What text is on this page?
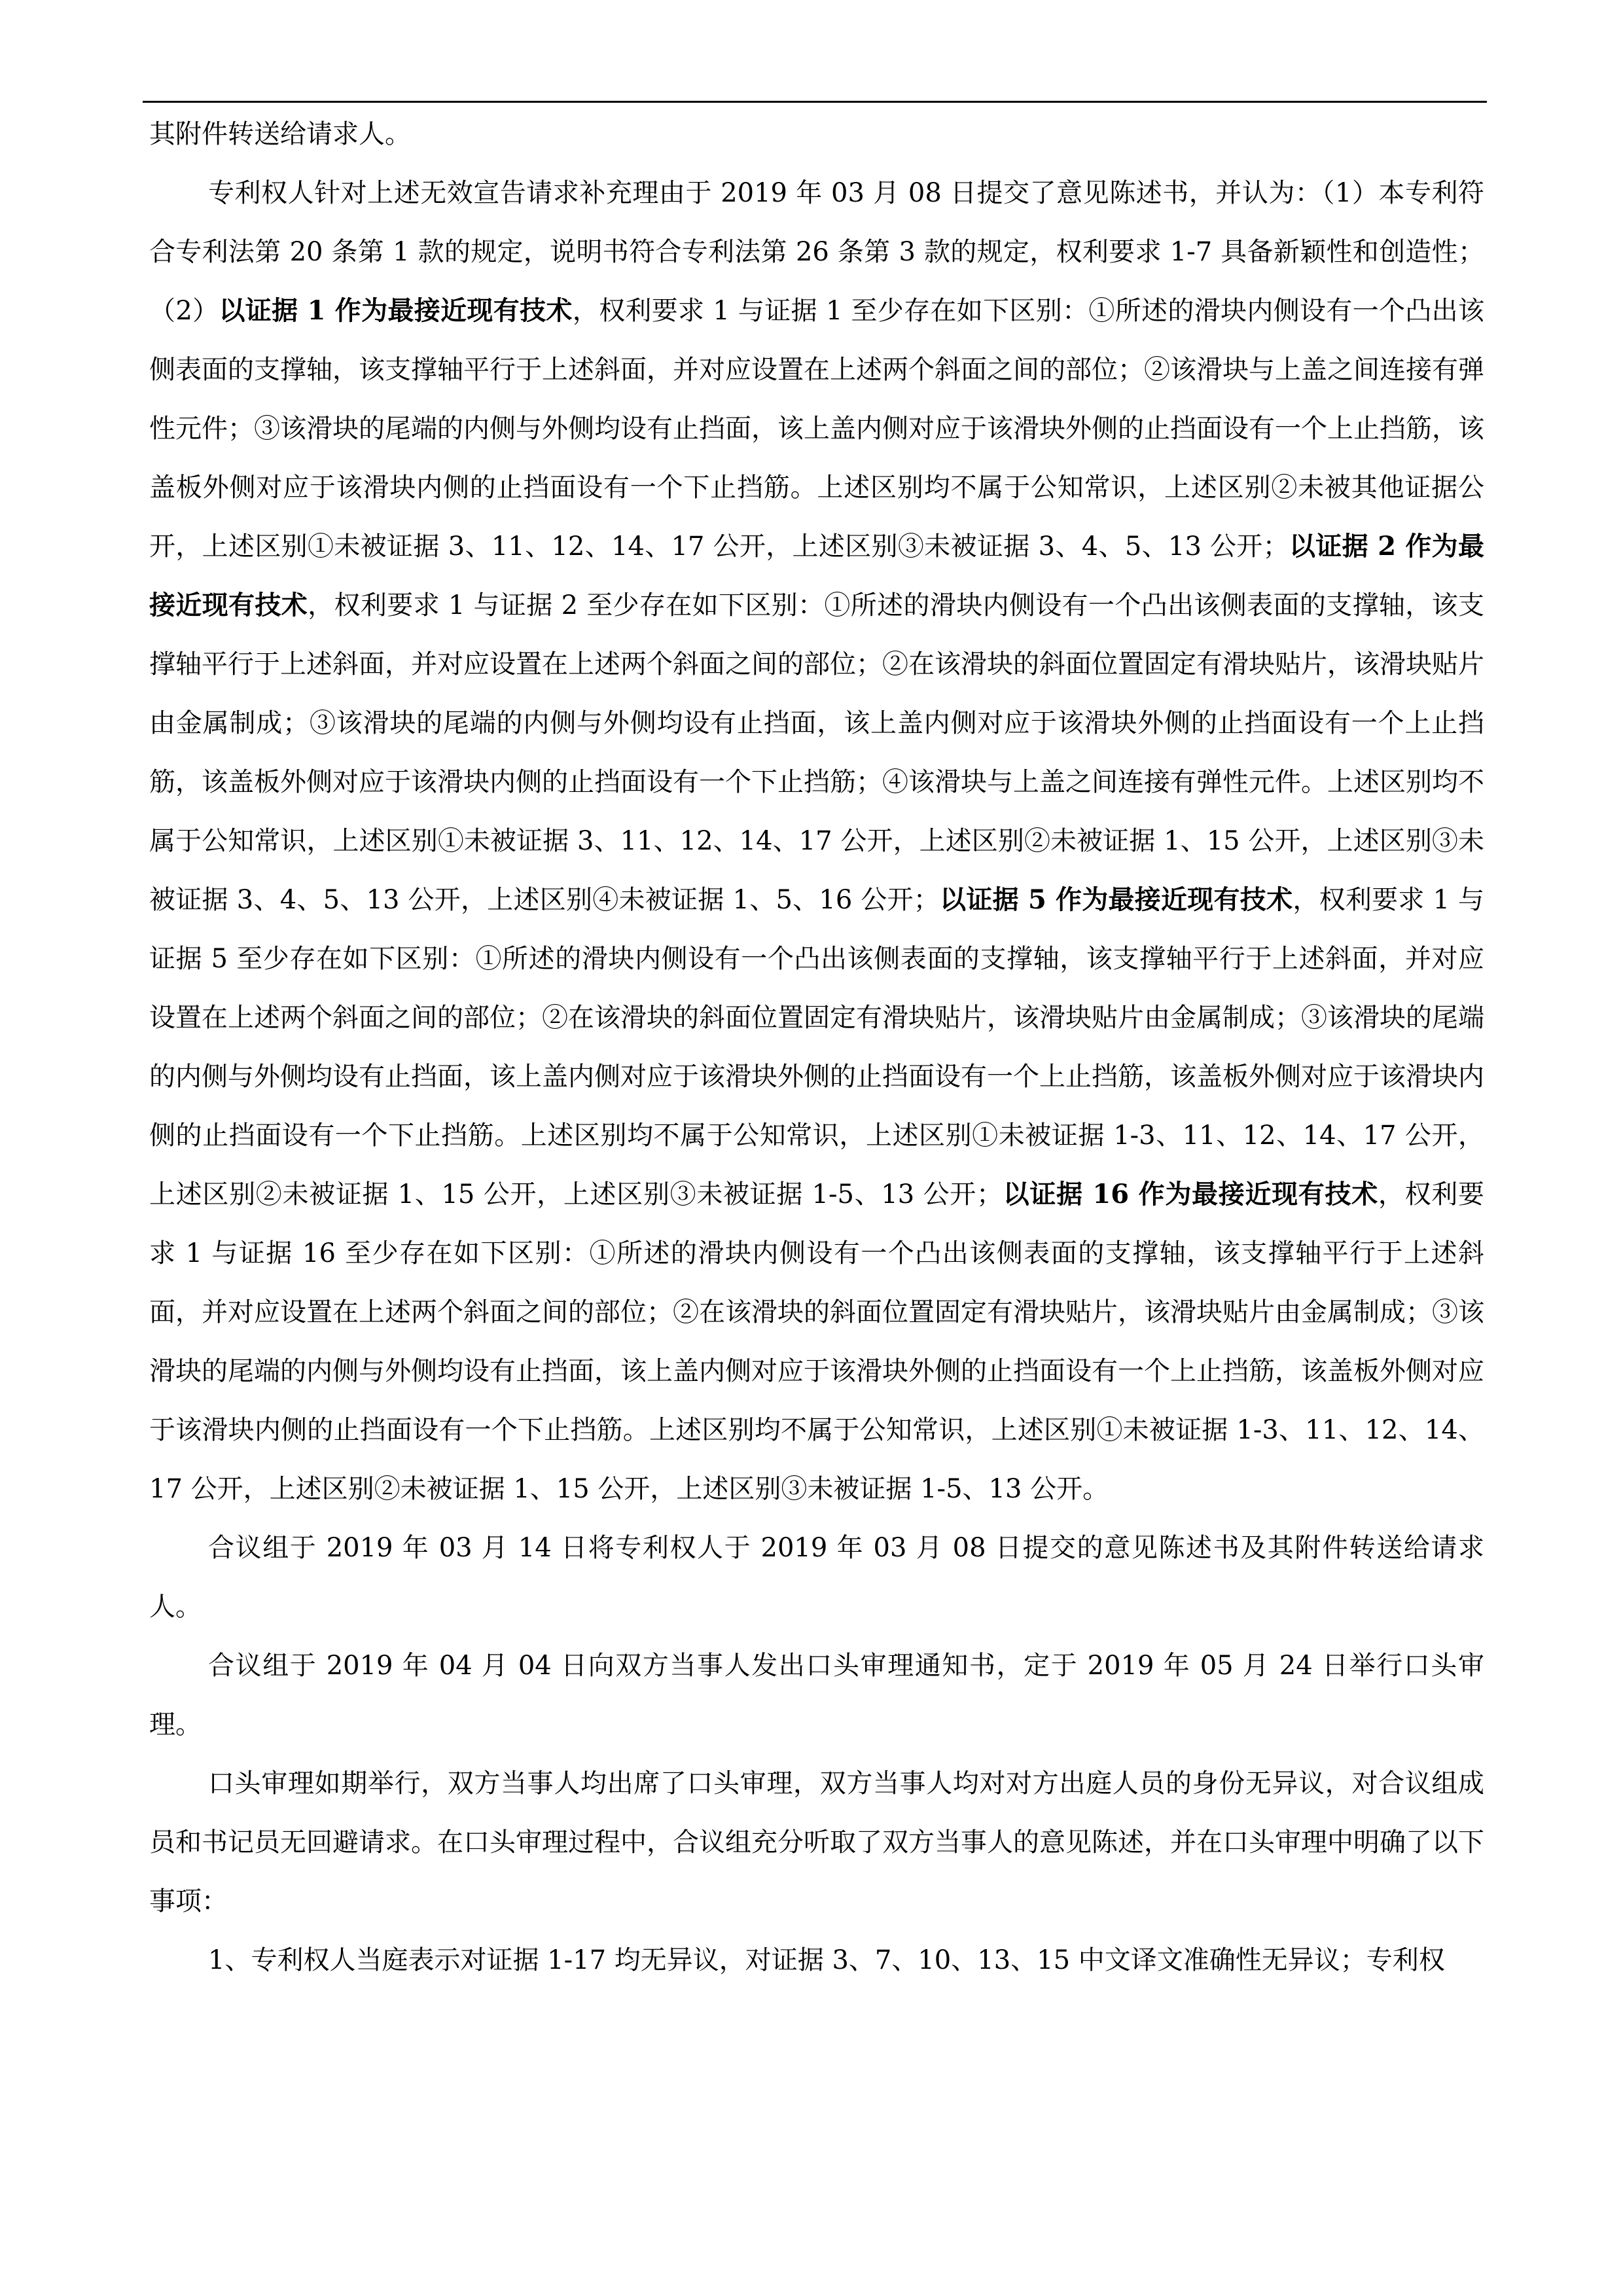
其附件转送给请求人。

专利权人针对上述无效宣告请求补充理由于 2019 年 03 月 08 日提交了意见陈述书，并认为：（1）本专利符合专利法第 20 条第 1 款的规定，说明书符合专利法第 26 条第 3 款的规定，权利要求 1-7 具备新颖性和创造性；（2）以证据 1 作为最接近现有技术，权利要求 1 与证据 1 至少存在如下区别：①所述的滑块内侧设有一个凸出该侧表面的支撑轴，该支撑轴平行于上述斜面，并对应设置在上述两个斜面之间的部位；②该滑块与上盖之间连接有弹性元件；③该滑块的尾端的内侧与外侧均设有止挡面，该上盖内侧对应于该滑块外侧的止挡面设有一个上止挡筋，该盖板外侧对应于该滑块内侧的止挡面设有一个下止挡筋。上述区别均不属于公知常识，上述区别②未被其他证据公开，上述区别①未被证据 3、11、12、14、17 公开，上述区别③未被证据 3、4、5、13 公开；以证据 2 作为最接近现有技术，权利要求 1 与证据 2 至少存在如下区别：①所述的滑块内侧设有一个凸出该侧表面的支撑轴，该支撑轴平行于上述斜面，并对应设置在上述两个斜面之间的部位；②在该滑块的斜面位置固定有滑块贴片，该滑块贴片由金属制成；③该滑块的尾端的内侧与外侧均设有止挡面，该上盖内侧对应于该滑块外侧的止挡面设有一个上止挡筋，该盖板外侧对应于该滑块内侧的止挡面设有一个下止挡筋；④该滑块与上盖之间连接有弹性元件。上述区别均不属于公知常识，上述区别①未被证据 3、11、12、14、17 公开，上述区别②未被证据 1、15 公开，上述区别③未被证据 3、4、5、13 公开，上述区别④未被证据 1、5、16 公开；以证据 5 作为最接近现有技术，权利要求 1 与证据 5 至少存在如下区别：①所述的滑块内侧设有一个凸出该侧表面的支撑轴，该支撑轴平行于上述斜面，并对应设置在上述两个斜面之间的部位；②在该滑块的斜面位置固定有滑块贴片，该滑块贴片由金属制成；③该滑块的尾端的内侧与外侧均设有止挡面，该上盖内侧对应于该滑块外侧的止挡面设有一个上止挡筋，该盖板外侧对应于该滑块内侧的止挡面设有一个下止挡筋。上述区别均不属于公知常识，上述区别①未被证据 1-3、11、12、14、17 公开，上述区别②未被证据 1、15 公开，上述区别③未被证据 1-5、13 公开；以证据 16 作为最接近现有技术，权利要求 1 与证据 16 至少存在如下区别：①所述的滑块内侧设有一个凸出该侧表面的支撑轴，该支撑轴平行于上述斜面，并对应设置在上述两个斜面之间的部位；②在该滑块的斜面位置固定有滑块贴片，该滑块贴片由金属制成；③该滑块的尾端的内侧与外侧均设有止挡面，该上盖内侧对应于该滑块外侧的止挡面设有一个上止挡筋，该盖板外侧对应于该滑块内侧的止挡面设有一个下止挡筋。上述区别均不属于公知常识，上述区别①未被证据 1-3、11、12、14、17 公开，上述区别②未被证据 1、15 公开，上述区别③未被证据 1-5、13 公开。

合议组于 2019 年 03 月 14 日将专利权人于 2019 年 03 月 08 日提交的意见陈述书及其附件转送给请求人。

合议组于 2019 年 04 月 04 日向双方当事人发出口头审理通知书，定于 2019 年 05 月 24 日举行口头审理。

口头审理如期举行，双方当事人均出席了口头审理，双方当事人均对对方出庭人员的身份无异议，对合议组成员和书记员无回避请求。在口头审理过程中，合议组充分听取了双方当事人的意见陈述，并在口头审理中明确了以下事项：

1、专利权人当庭表示对证据 1-17 均无异议，对证据 3、7、10、13、15 中文译文准确性无异议；专利权
